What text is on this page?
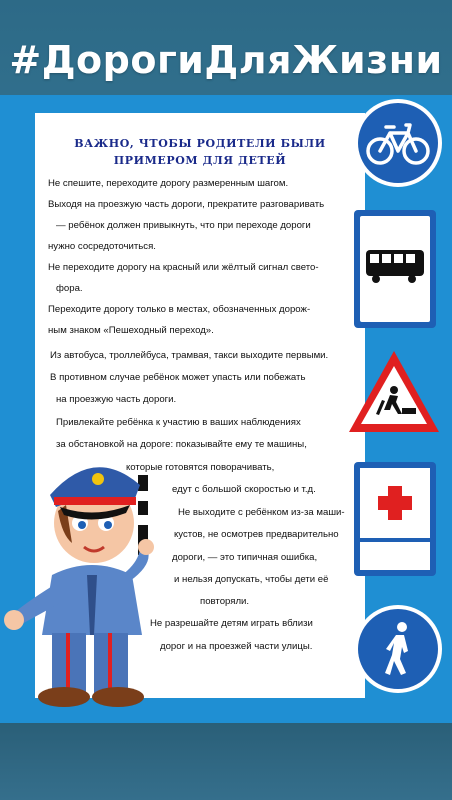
#ДорогиДляЖизни
ВАЖНО, ЧТОБЫ РОДИТЕЛИ БЫЛИ
ПРИМЕРОМ ДЛЯ ДЕТЕЙ
Не спешите, переходите дорогу размеренным шагом.
Выходя на проезжую часть дороги, прекратите разговаривать
— ребёнок должен привыкнуть, что при переходе дороги
нужно сосредоточиться.
Не переходите дорогу на красный или жёлтый сигнал свето-
фора.
Переходите дорогу только в местах, обозначенных дорож-
ным знаком «Пешеходный переход».
Из автобуса, троллейбуса, трамвая, такси выходите первыми.
В противном случае ребёнок может упасть или побежать
на проезжую часть дороги.
Привлекайте ребёнка к участию в ваших наблюдениях
за обстановкой на дороге: показывайте ему те машины,
которые готовятся поворачивать,
едут с большой скоростью и т.д.
Не выходите с ребёнком из-за маши-
кустов, не осмотрев предварительно
дороги, — это типичная ошибка,
и нельзя допускать, чтобы дети её
повторяли.
Не разрешайте детям играть вблизи
дорог и на проезжей части улицы.
